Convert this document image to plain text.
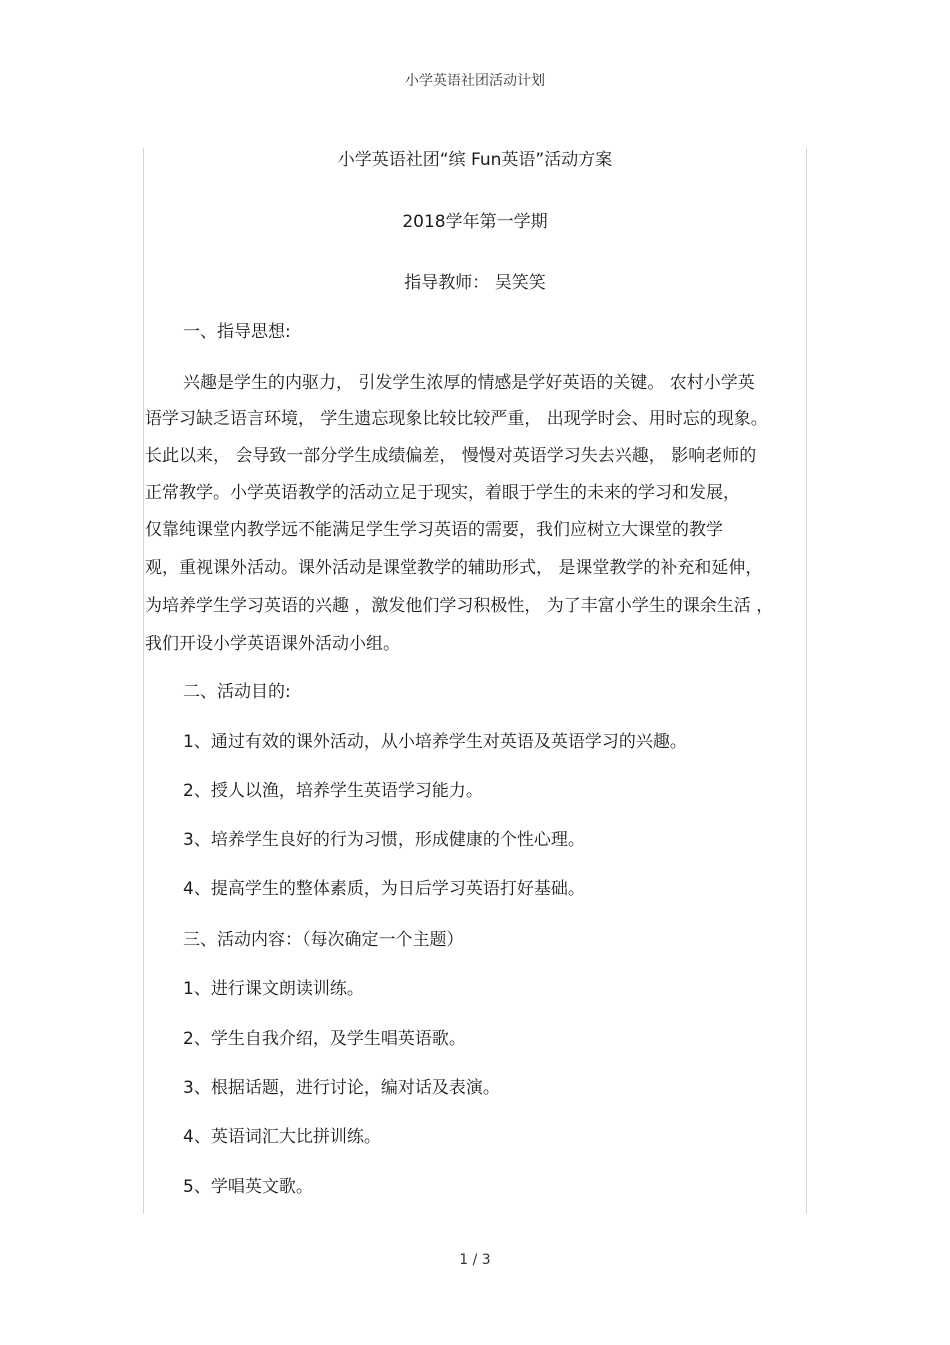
小学英语社团活动计划
小学英语社团“缤 Fun英语”活动方案
2018学年第一学期
指导教师： 吴笑笑
一、指导思想:
兴趣是学生的内驱力， 引发学生浓厚的情感是学好英语的关键。 农村小学英
语学习缺乏语言环境， 学生遗忘现象比较比较严重， 出现学时会、用时忘的现象。
长此以来， 会导致一部分学生成绩偏差， 慢慢对英语学习失去兴趣， 影响老师的
正常教学。小学英语教学的活动立足于现实，着眼于学生的未来的学习和发展，
仅靠纯课堂内教学远不能满足学生学习英语的需要，我们应树立大课堂的教学
观，重视课外活动。课外活动是课堂教学的辅助形式， 是课堂教学的补充和延伸，
为培养学生学习英语的兴趣 ，激发他们学习积极性， 为了丰富小学生的课余生活 ，
我们开设小学英语课外活动小组。
二、活动目的:
1、通过有效的课外活动，从小培养学生对英语及英语学习的兴趣。
2、授人以渔，培养学生英语学习能力。
3、培养学生良好的行为习惯，形成健康的个性心理。
4、提高学生的整体素质，为日后学习英语打好基础。
三、活动内容：（每次确定一个主题）
1、进行课文朗读训练。
2、学生自我介绍，及学生唱英语歌。
3、根据话题，进行讨论，编对话及表演。
4、英语词汇大比拼训练。
5、学唱英文歌。
1 / 3
